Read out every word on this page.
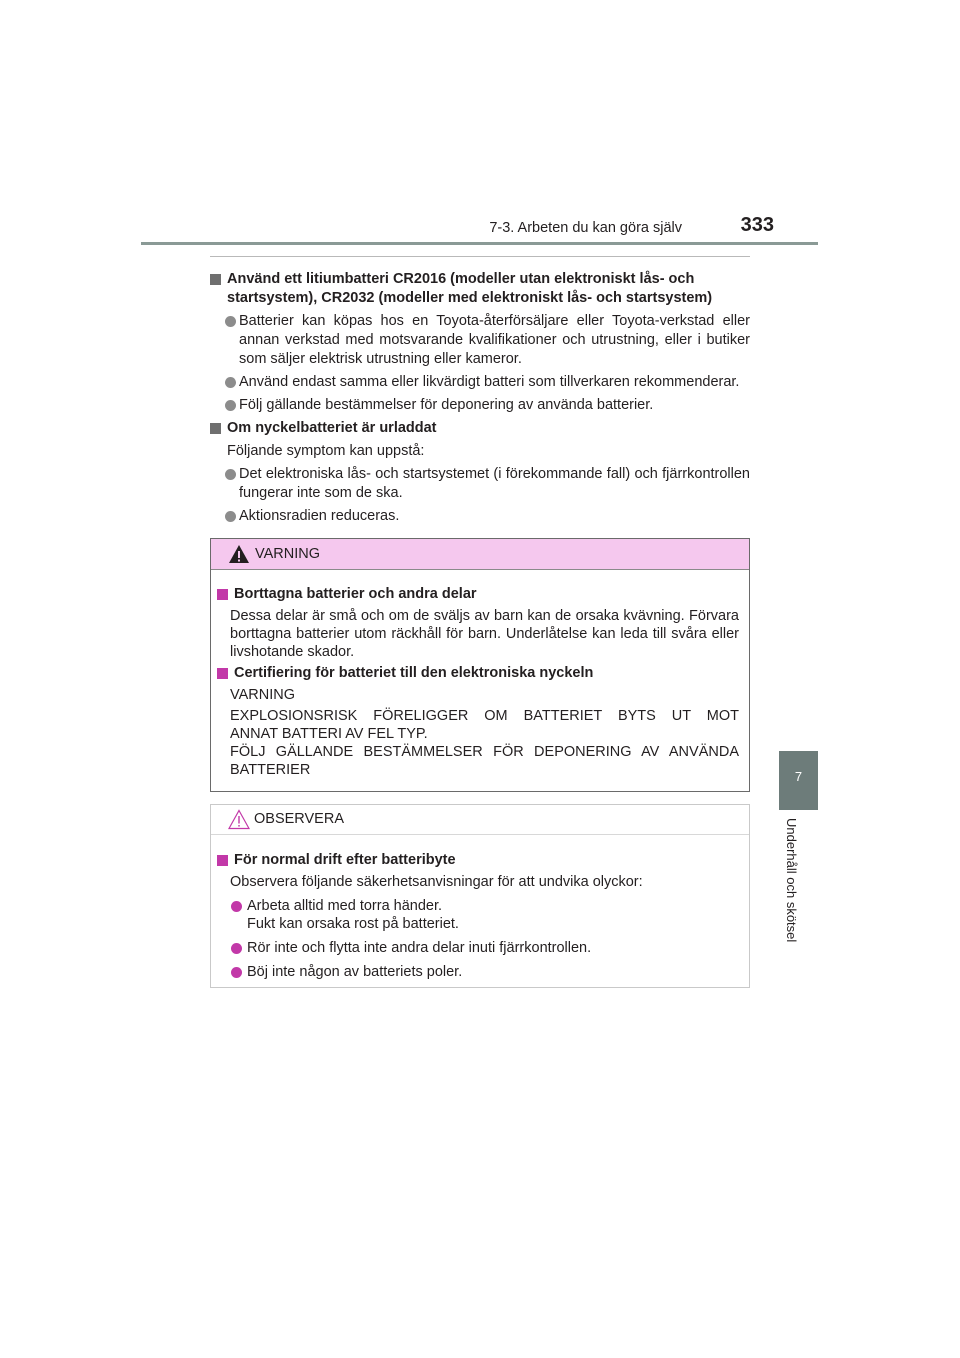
7-3. Arbeten du kan göra själv	333
7
Underhåll och skötsel
Använd ett litiumbatteri CR2016 (modeller utan elektroniskt lås- och startsystem), CR2032 (modeller med elektroniskt lås- och startsystem)
Batterier kan köpas hos en Toyota-återförsäljare eller Toyota-verkstad eller annan verkstad med motsvarande kvalifikationer och utrustning, eller i butiker som säljer elektrisk utrustning eller kameror.
Använd endast samma eller likvärdigt batteri som tillverkaren rekommenderar.
Följ gällande bestämmelser för deponering av använda batterier.
Om nyckelbatteriet är urladdat
Följande symptom kan uppstå:
Det elektroniska lås- och startsystemet (i förekommande fall) och fjärrkontrollen fungerar inte som de ska.
Aktionsradien reduceras.
VARNING
Borttagna batterier och andra delar
Dessa delar är små och om de sväljs av barn kan de orsaka kvävning. Förvara borttagna batterier utom räckhåll för barn. Underlåtelse kan leda till svåra eller livshotande skador.
Certifiering för batteriet till den elektroniska nyckeln
VARNING
EXPLOSIONSRISK FÖRELIGGER OM BATTERIET BYTS UT MOT
ANNAT BATTERI AV FEL TYP.
FÖLJ GÄLLANDE BESTÄMMELSER FÖR DEPONERING AV ANVÄNDA
BATTERIER
OBSERVERA
För normal drift efter batteribyte
Observera följande säkerhetsanvisningar för att undvika olyckor:
Arbeta alltid med torra händer.
Fukt kan orsaka rost på batteriet.
Rör inte och flytta inte andra delar inuti fjärrkontrollen.
Böj inte någon av batteriets poler.
